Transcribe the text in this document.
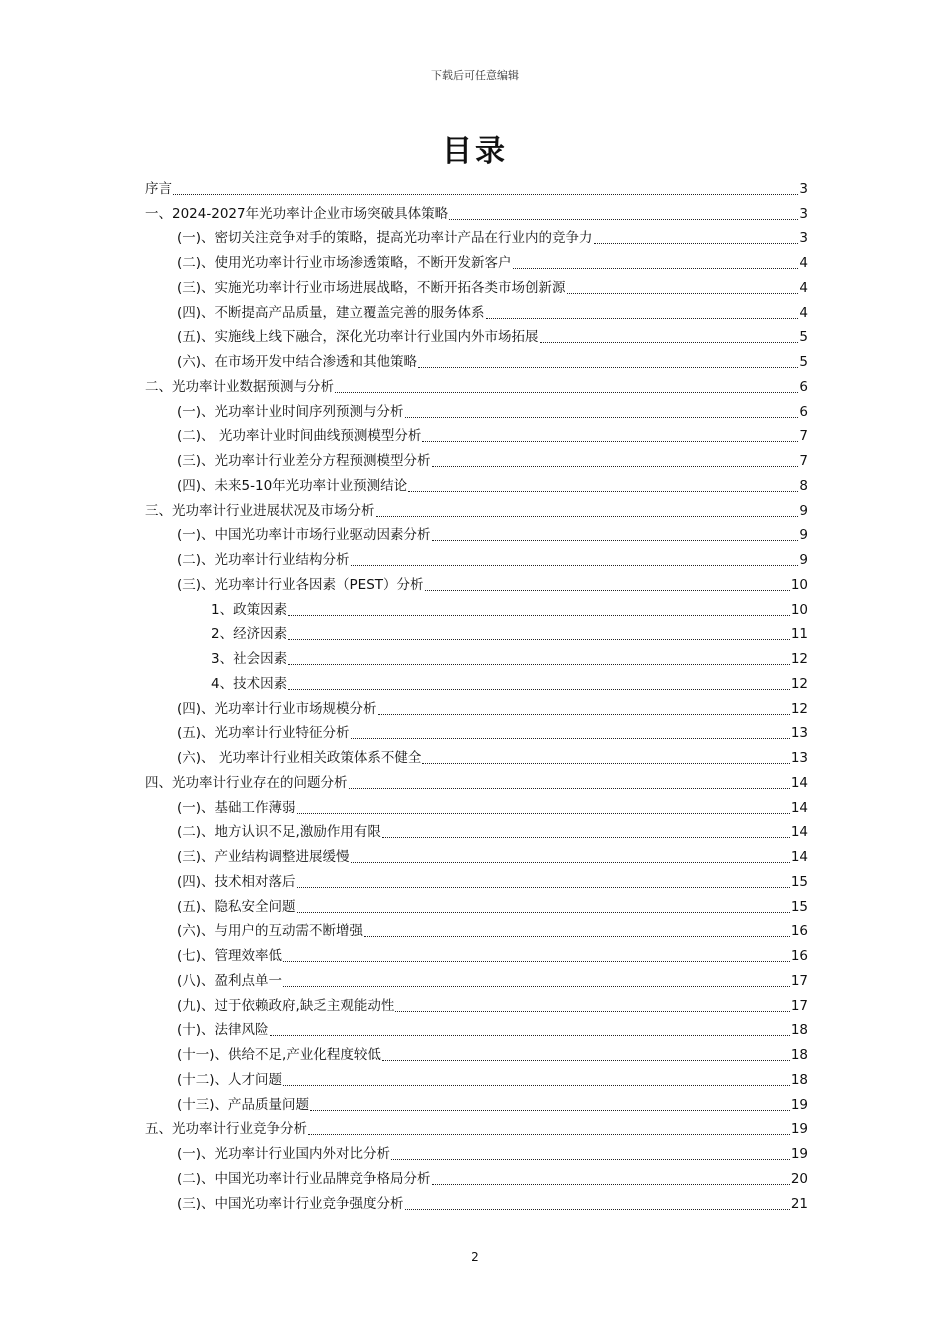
下载后可任意编辑
目录
序言	3
一、2024-2027年光功率计企业市场突破具体策略	3
(一)、密切关注竞争对手的策略，提高光功率计产品在行业内的竞争力	3
(二)、使用光功率计行业市场渗透策略，不断开发新客户	4
(三)、实施光功率计行业市场进展战略，不断开拓各类市场创新源	4
(四)、不断提高产品质量，建立覆盖完善的服务体系	4
(五)、实施线上线下融合，深化光功率计行业国内外市场拓展	5
(六)、在市场开发中结合渗透和其他策略	5
二、光功率计业数据预测与分析	6
(一)、光功率计业时间序列预测与分析	6
(二)、 光功率计业时间曲线预测模型分析	7
(三)、光功率计行业差分方程预测模型分析	7
(四)、未来5-10年光功率计业预测结论	8
三、光功率计行业进展状况及市场分析	9
(一)、中国光功率计市场行业驱动因素分析	9
(二)、光功率计行业结构分析	9
(三)、光功率计行业各因素（PEST）分析	10
1、政策因素	10
2、经济因素	11
3、社会因素	12
4、技术因素	12
(四)、光功率计行业市场规模分析	12
(五)、光功率计行业特征分析	13
(六)、 光功率计行业相关政策体系不健全	13
四、光功率计行业存在的问题分析	14
(一)、基础工作薄弱	14
(二)、地方认识不足,激励作用有限	14
(三)、产业结构调整进展缓慢	14
(四)、技术相对落后	15
(五)、隐私安全问题	15
(六)、与用户的互动需不断增强	16
(七)、管理效率低	16
(八)、盈利点单一	17
(九)、过于依赖政府,缺乏主观能动性	17
(十)、法律风险	18
(十一)、供给不足,产业化程度较低	18
(十二)、人才问题	18
(十三)、产品质量问题	19
五、光功率计行业竞争分析	19
(一)、光功率计行业国内外对比分析	19
(二)、中国光功率计行业品牌竞争格局分析	20
(三)、中国光功率计行业竞争强度分析	21
2
